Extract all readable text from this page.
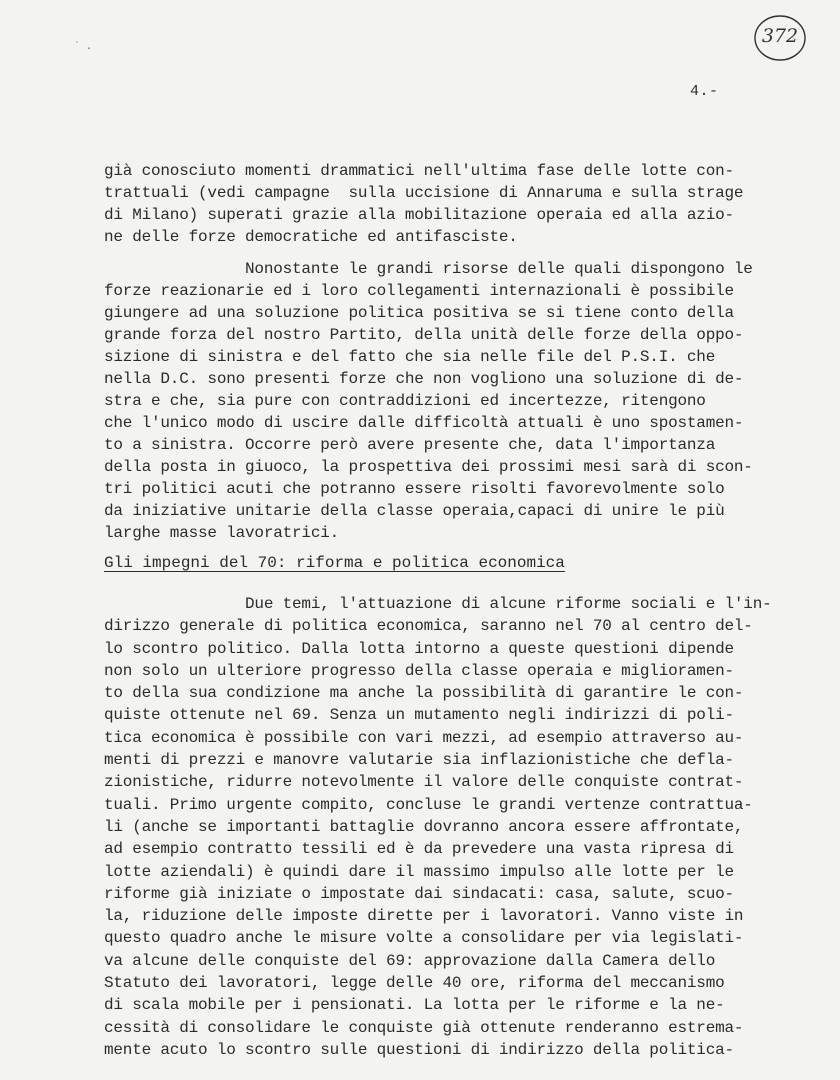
372
˙ .
4.-
già conosciuto momenti drammatici nell'ultima fase delle lotte con-
trattuali (vedi campagne  sulla uccisione di Annaruma e sulla strage
di Milano) superati grazie alla mobilitazione operaia ed alla azio-
ne delle forze democratiche ed antifasciste.
Nonostante le grandi risorse delle quali dispongono le
forze reazionarie ed i loro collegamenti internazionali è possibile
giungere ad una soluzione politica positiva se si tiene conto della
grande forza del nostro Partito, della unità delle forze della oppo-
sizione di sinistra e del fatto che sia nelle file del P.S.I. che
nella D.C. sono presenti forze che non vogliono una soluzione di de-
stra e che, sia pure con contraddizioni ed incertezze, ritengono
che l'unico modo di uscire dalle difficoltà attuali è uno spostamen-
to a sinistra. Occorre però avere presente che, data l'importanza
della posta in giuoco, la prospettiva dei prossimi mesi sarà di scon-
tri politici acuti che potranno essere risolti favorevolmente solo
da iniziative unitarie della classe operaia,capaci di unire le più
larghe masse lavoratrici.
Gli impegni del 70: riforma e politica economica
Due temi, l'attuazione di alcune riforme sociali e l'in-
dirizzo generale di politica economica, saranno nel 70 al centro del-
lo scontro politico. Dalla lotta intorno a queste questioni dipende
non solo un ulteriore progresso della classe operaia e miglioramen-
to della sua condizione ma anche la possibilità di garantire le con-
quiste ottenute nel 69. Senza un mutamento negli indirizzi di poli-
tica economica è possibile con vari mezzi, ad esempio attraverso au-
menti di prezzi e manovre valutarie sia inflazionistiche che defla-
zionistiche, ridurre notevolmente il valore delle conquiste contrat-
tuali. Primo urgente compito, concluse le grandi vertenze contrattua-
li (anche se importanti battaglie dovranno ancora essere affrontate,
ad esempio contratto tessili ed è da prevedere una vasta ripresa di
lotte aziendali) è quindi dare il massimo impulso alle lotte per le
riforme già iniziate o impostate dai sindacati: casa, salute, scuo-
la, riduzione delle imposte dirette per i lavoratori. Vanno viste in
questo quadro anche le misure volte a consolidare per via legislati-
va alcune delle conquiste del 69: approvazione dalla Camera dello
Statuto dei lavoratori, legge delle 40 ore, riforma del meccanismo
di scala mobile per i pensionati. La lotta per le riforme e la ne-
cessità di consolidare le conquiste già ottenute renderanno estrema-
mente acuto lo scontro sulle questioni di indirizzo della politica-
